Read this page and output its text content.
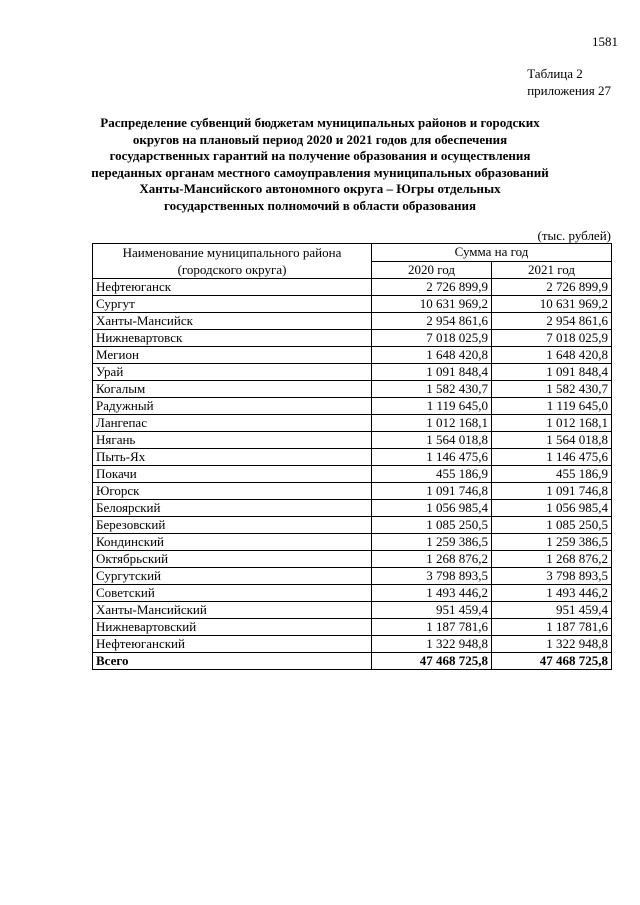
1581
Таблица 2
приложения 27
Распределение субвенций бюджетам муниципальных районов и городских
округов на плановый период 2020 и 2021 годов для обеспечения
государственных гарантий на получение образования и осуществления
переданных органам местного самоуправления муниципальных образований
Ханты-Мансийского автономного округа – Югры отдельных
государственных полномочий в области образования
(тыс. рублей)
Наименование муниципального района
(городского округа)	Сумма на год	
	2020 год	2021 год
Нефтеюганск	2 726 899,9	2 726 899,9
Сургут	10 631 969,2	10 631 969,2
Ханты-Мансийск	2 954 861,6	2 954 861,6
Нижневартовск	7 018 025,9	7 018 025,9
Мегион	1 648 420,8	1 648 420,8
Урай	1 091 848,4	1 091 848,4
Когалым	1 582 430,7	1 582 430,7
Радужный	1 119 645,0	1 119 645,0
Лангепас	1 012 168,1	1 012 168,1
Нягань	1 564 018,8	1 564 018,8
Пыть-Ях	1 146 475,6	1 146 475,6
Покачи	455 186,9	455 186,9
Югорск	1 091 746,8	1 091 746,8
Белоярский	1 056 985,4	1 056 985,4
Березовский	1 085 250,5	1 085 250,5
Кондинский	1 259 386,5	1 259 386,5
Октябрьский	1 268 876,2	1 268 876,2
Сургутский	3 798 893,5	3 798 893,5
Советский	1 493 446,2	1 493 446,2
Ханты-Мансийский	951 459,4	951 459,4
Нижневартовский	1 187 781,6	1 187 781,6
Нефтеюганский	1 322 948,8	1 322 948,8
Всего	47 468 725,8	47 468 725,8
